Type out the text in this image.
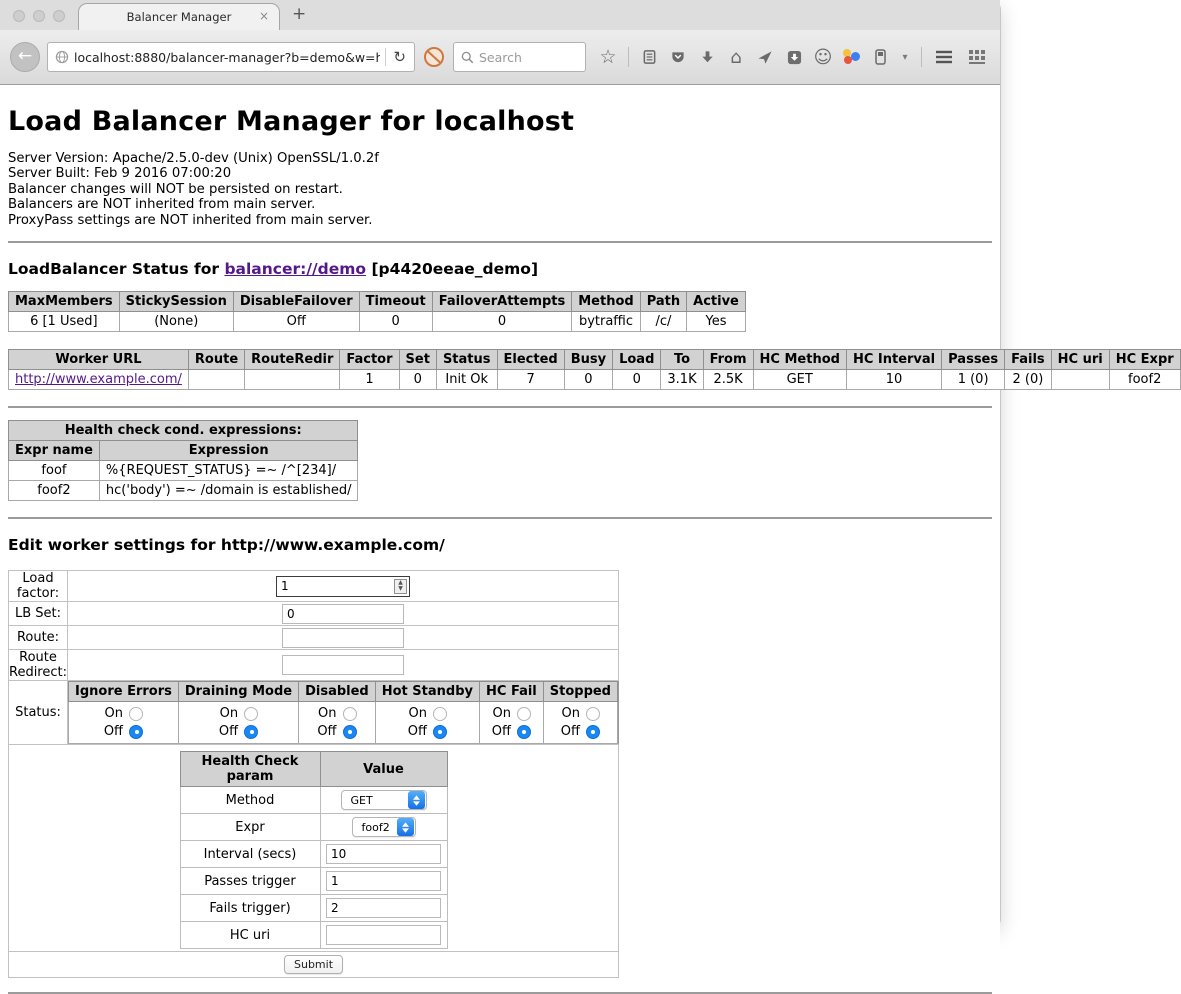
Balancer Manager × +
←
localhost:8880/balancer-manager?b=demo&w=http://www.examp	↻
Search	☆	⌂	☺	▾
Load Balancer Manager for localhost
Server Version: Apache/2.5.0-dev (Unix) OpenSSL/1.0.2f
Server Built: Feb 9 2016 07:00:20
Balancer changes will NOT be persisted on restart.
Balancers are NOT inherited from main server.
ProxyPass settings are NOT inherited from main server.
LoadBalancer Status for balancer://demo [p4420eeae_demo]
MaxMembers	StickySession	DisableFailover	Timeout	FailoverAttempts	Method	Path	Active
6 [1 Used]	(None)	Off	0	0	bytraffic	/c/	Yes
Worker URL	Route	RouteRedir	Factor	Set	Status	Elected	Busy	Load	To	From	HC Method	HC Interval	Passes	Fails	HC uri	HC Expr
http://www.example.com/			1	0	Init Ok	7	0	0	3.1K	2.5K	GET	10	1 (0)	2 (0)		foof2
Health check cond. expressions:	
Expr name	Expression
foof	%{REQUEST_STATUS} =~ /^[234]/
foof2	hc('body') =~ /domain is established/
Edit worker settings for http://www.example.com/
Load factor:	
1
▲
▼

LB Set:	0
Route:	
Route Redirect:	
Status:	
Ignore Errors	Draining Mode	Disabled	Hot Standby	HC Fail	Stopped

On
Off

On
Off

On
Off

On
Off

On
Off

On
Off

Health Check param	Value
Method	GET

Expr	foof2

Interval (secs)	10
Passes trigger	1
Fails trigger)	2
HC uri	

Submit
